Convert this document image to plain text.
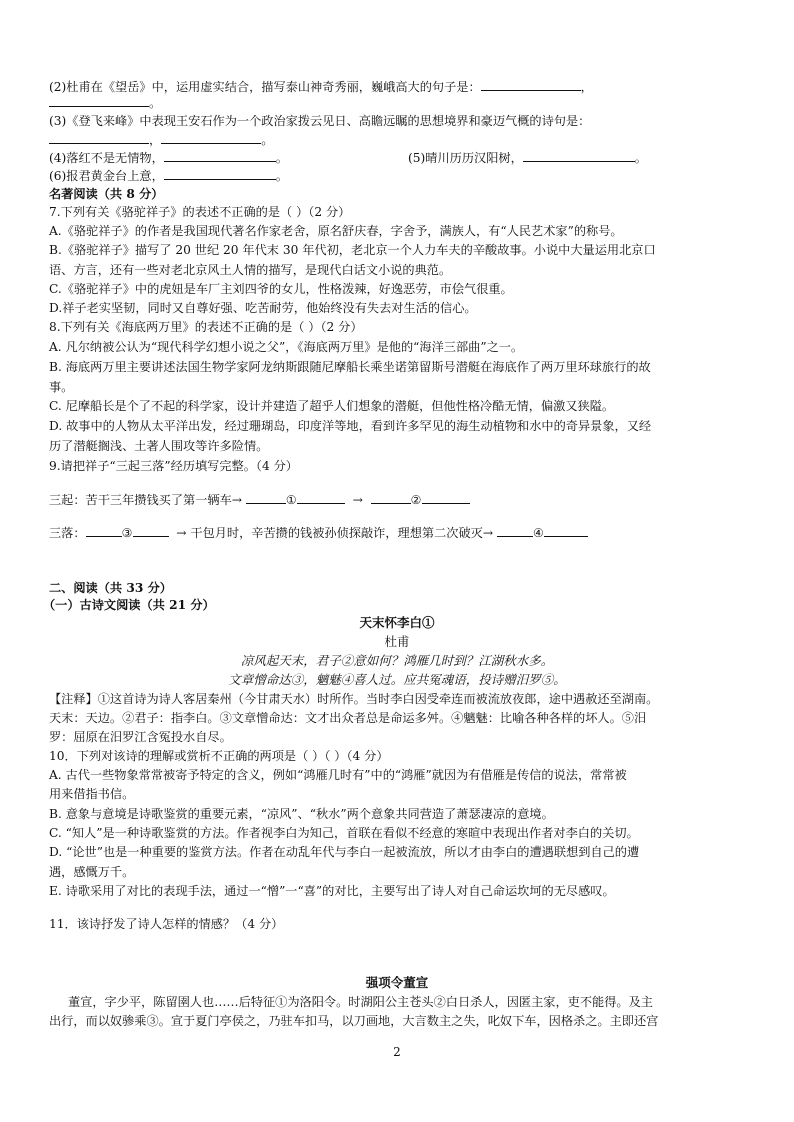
(2)杜甫在《望岳》中，运用虚实结合，描写泰山神奇秀丽，巍峨高大的句子是：	，
。
(3)《登飞来峰》中表现王安石作为一个政治家拨云见日、高瞻远瞩的思想境界和豪迈气概的诗句是：
，	。
(4)落红不是无情物，	。	(5)晴川历历汉阳树，	。
(6)报君黄金台上意，	。
名著阅读（共 8 分）
7.下列有关《骆驼祥子》的表述不正确的是（ ）（2 分）
A.《骆驼祥子》的作者是我国现代著名作家老舍，原名舒庆春，字舍予，满族人，有“人民艺术家”的称号。
B.《骆驼祥子》描写了 20 世纪 20 年代末 30 年代初，老北京一个人力车夫的辛酸故事。小说中大量运用北京口
语、方言，还有一些对老北京风土人情的描写，是现代白话文小说的典范。
C.《骆驼祥子》中的虎妞是车厂主刘四爷的女儿，性格泼辣，好逸恶劳，市侩气很重。
D.祥子老实坚韧，同时又自尊好强、吃苦耐劳，他始终没有失去对生活的信心。
8.下列有关《海底两万里》的表述不正确的是（ ）（2 分）
A. 凡尔纳被公认为“现代科学幻想小说之父”，《海底两万里》是他的“海洋三部曲”之一。
B. 海底两万里主要讲述法国生物学家阿龙纳斯跟随尼摩船长乘坐诺第留斯号潜艇在海底作了两万里环球旅行的故
事。
C. 尼摩船长是个了不起的科学家，设计并建造了超乎人们想象的潜艇，但他性格冷酷无情，偏激又狭隘。
D. 故事中的人物从太平洋出发，经过珊瑚岛，印度洋等地，看到许多罕见的海生动植物和水中的奇异景象，又经
历了潜艇搁浅、土著人围攻等许多险情。
9.请把祥子“三起三落”经历填写完整。（4 分）
三起：苦干三年攒钱买了第一辆车→	①	→	②
三落：	③	→ 干包月时，辛苦攒的钱被孙侦探敲诈，理想第二次破灭→	④
二、阅读（共 33 分）
（一）古诗文阅读（共 21 分）
天末怀李白①
杜甫
凉风起天末，君子②意如何？鸿雁几时到？江湖秋水多。
文章憎命达③，魑魅④喜人过。应共冤魂语，投诗赠汨罗⑤。
【注释】①这首诗为诗人客居秦州（今甘肃天水）时所作。当时李白因受牵连而被流放夜郎，途中遇赦还至湖南。
天末：天边。②君子：指李白。③文章憎命达：文才出众者总是命运多舛。④魑魅：比喻各种各样的坏人。⑤汨
罗：屈原在汨罗江含冤投水自尽。
10．下列对该诗的理解或赏析不正确的两项是（ ）（ ）（4 分）
A. 古代一些物象常常被寄予特定的含义，例如“鸿雁几时有”中的“鸿雁”就因为有借雁是传信的说法，常常被
用来借指书信。
B. 意象与意境是诗歌鉴赏的重要元素，“凉风”、“秋水”两个意象共同营造了萧瑟凄凉的意境。
C. “知人”是一种诗歌鉴赏的方法。作者视李白为知己，首联在看似不经意的寒暄中表现出作者对李白的关切。
D. “论世”也是一种重要的鉴赏方法。作者在动乱年代与李白一起被流放，所以才由李白的遭遇联想到自己的遭
遇，感慨万千。
E. 诗歌采用了对比的表现手法，通过一“憎”一“喜”的对比，主要写出了诗人对自己命运坎坷的无尽感叹。
11．该诗抒发了诗人怎样的情感？（4 分）
强项令董宣
董宣，字少平，陈留圉人也……后特征①为洛阳令。时湖阳公主苍头②白日杀人，因匿主家，吏不能得。及主
出行，而以奴骖乘③。宣于夏门亭侯之，乃驻车扣马，以刀画地，大言数主之失，叱奴下车，因格杀之。主即还宫
2
